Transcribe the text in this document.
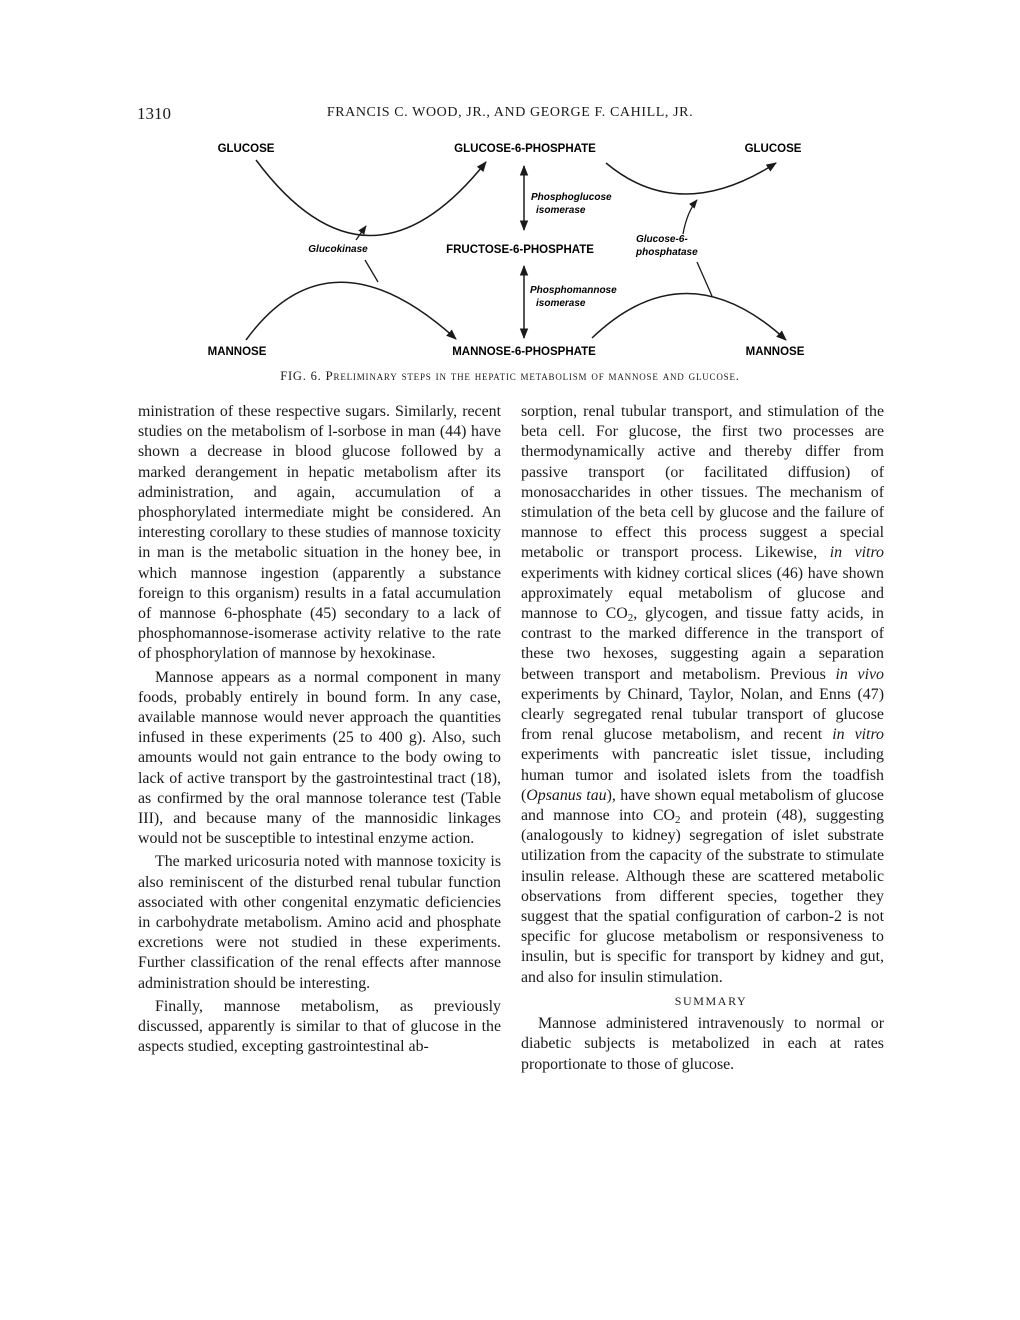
1310	FRANCIS C. WOOD, JR., AND GEORGE F. CAHILL, JR.
GLUCOSE	GLUCOSE-6-PHOSPHATE	GLUCOSE
FRUCTOSE-6-PHOSPHATE
MANNOSE	MANNOSE-6-PHOSPHATE	MANNOSE
Glucokinase
Phosphoglucose
isomerase
Glucose-6-
phosphatase
Phosphomannose
isomerase
FIG. 6. Preliminary steps in the hepatic metabolism of mannose and glucose.

ministration of these respective sugars. Similarly, recent studies on the metabolism of l-sorbose in man (44) have shown a decrease in blood glucose followed by a marked derangement in hepatic metabolism after its administration, and again, accumulation of a phosphorylated intermediate might be considered. An interesting corollary to these studies of mannose toxicity in man is the metabolic situation in the honey bee, in which mannose ingestion (apparently a substance foreign to this organism) results in a fatal accumulation of mannose 6-phosphate (45) secondary to a lack of phosphomannose-isomerase activity relative to the rate of phosphorylation of mannose by hexokinase.

Mannose appears as a normal component in many foods, probably entirely in bound form. In any case, available mannose would never approach the quantities infused in these experiments (25 to 400 g). Also, such amounts would not gain entrance to the body owing to lack of active transport by the gastrointestinal tract (18), as confirmed by the oral mannose tolerance test (Table III), and because many of the mannosidic linkages would not be susceptible to intestinal enzyme action.

The marked uricosuria noted with mannose toxicity is also reminiscent of the disturbed renal tubular function associated with other congenital enzymatic deficiencies in carbohydrate metabolism. Amino acid and phosphate excretions were not studied in these experiments. Further classification of the renal effects after mannose administration should be interesting.

Finally, mannose metabolism, as previously discussed, apparently is similar to that of glucose in the aspects studied, excepting gastrointestinal ab-

sorption, renal tubular transport, and stimulation of the beta cell. For glucose, the first two processes are thermodynamically active and thereby differ from passive transport (or facilitated diffusion) of monosaccharides in other tissues. The mechanism of stimulation of the beta cell by glucose and the failure of mannose to effect this process suggest a special metabolic or transport process. Likewise, in vitro experiments with kidney cortical slices (46) have shown approximately equal metabolism of glucose and mannose to $CO_2$, glycogen, and tissue fatty acids, in contrast to the marked difference in the transport of these two hexoses, suggesting again a separation between transport and metabolism. Previous in vivo experiments by Chinard, Taylor, Nolan, and Enns (47) clearly segregated renal tubular transport of glucose from renal glucose metabolism, and recent in vitro experiments with pancreatic islet tissue, including human tumor and isolated islets from the toadfish (Opsanus tau), have shown equal metabolism of glucose and mannose into $CO_2$ and protein (48), suggesting (analogously to kidney) segregation of islet substrate utilization from the capacity of the substrate to stimulate insulin release. Although these are scattered metabolic observations from different species, together they suggest that the spatial configuration of carbon-2 is not specific for glucose metabolism or responsiveness to insulin, but is specific for transport by kidney and gut, and also for insulin stimulation.

SUMMARY

Mannose administered intravenously to normal or diabetic subjects is metabolized in each at rates proportionate to those of glucose.
